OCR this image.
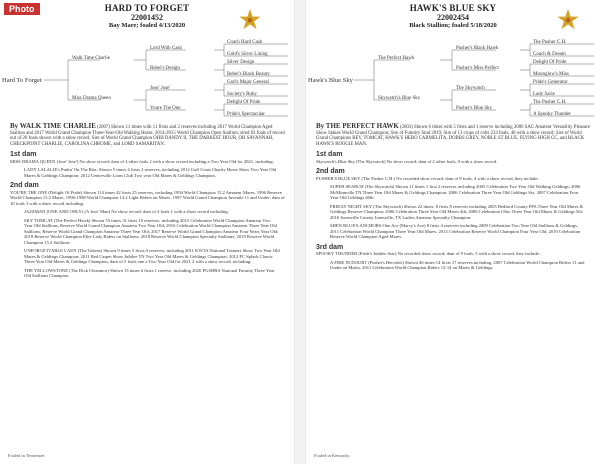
Photo	HARD TO FORGET
22001452
Bay Mare; foaled 4/13/2020
Hard To Forget
Walk Time Charlie
Miss Drama Queen
Lord With Cash
Rebel's Design
Jose' Jose'
Youre The One
Coach Hard Cash
Gold's Silver Lining
Silver Design
Rebel's Black Beauty
God's Major General
Society's Ruby
Delight Of Pride
Pride's Spectacular

By WALK TIME CHARLIE (2007) Shown 11 times with 11 firsts and 2 reserves including 2017 World Champion Aged Stallion and 2017 World Grand Champion Three-Year-Old Walking Horse, 2014-2015 World Champion Open Stallion; sired 83 foals of record out of 26 foals shown with a show record. Sire of World Grand Champion OHH DANDY II, THE DARKEST HOUR, OH SAVANNAH, CHECKPOINT CHARLIE, CAROLINA CHROME, and LORD SAMARITAN.

1st dam

MISS DRAMA QUEEN (Jose' Jose') No show record; dam of 4 other foals 2 with a show record including a Two Year Old for 2021, including:

LADY LALALIE's Puttin' On The Ritz: Shown 5 times 4 firsts 2 reserves, including 2012 Gulf Coast Charity Horse Show Two Year Old Mares & Geldings Champion; 2012 Centerville Lions Club Two year Old Mares & Geldings Champion.

2nd dam

YOU'RE THE ONE (Delight Of Pride) Shown 114 times 42 firsts 25 reserves, including 1994 World Champion 15.2 Amateur Mares, 1996 Reserve World Champion 15.2 Mares, 1996-1998 World Champion 14.2 Light Riders on Mares, 1997 World Grand Champion Juvenile 11 and Under; dam of 10 foals 3 with a show record including:

JAZZMAN (ONE AND ONLY) (A Jose' Man) No show record; dam of 4 foals 1 with a show record including:

SKY TOMCAT (The Perfect Hawk) Shown 53 times 31 firsts 10 reserves, including 2015 Celebration World Champion Amateur Two Year Old Stallions, Reserve World Grand Champion Amateur Two Year Old; 2016 Celebration World Champion Amateur Three Year Old Stallions, Reserve World Grand Champion Amateur Three Year Old; 2017 Reserve World Grand Champion Amateur Four Years Year Old; 2018 Reserve World Champion Elite Lady Riders on Stallions; 2018 Reserve World Champion Specialty Stallions; 2019 Reserve World Champion 15.2 Stallions.

UNFORGETTABLE LADY (The Tokens) Shown 9 times 5 firsts 0 reserves, including 2011 KWTA National Trainers Show Two Year Old Mares & Geldings Champion; 2011 Red Carpet Show Jubilee TN Two Year Old Mares & Geldings Champion; 2012 PC Splash Classic Three Year Old Mares & Geldings Champion; dam of 5 foals one a Two Year Old for 2021 2 with a show record, including:

THE YELLOWSTONE (The Dick Clearance) Shown 13 times 6 firsts 1 reserve, including 2020 PGSHBA National Futurity Three Year Old Stallions Champion.

Foaled in Tennessee.
HAWK'S BLUE SKY
22002454
Black Stallion; foaled 5/18/2020
Hawk's Blue Sky
The Perfect Hawk
Skywatch's Blue Sky
Pusher's Black Hawk
Pusher's Miss Perfect
The Skywatch
Pusher's Blue Sky
The Pusher C.H.
Coach & Dream
Delight Of Pride
Moonglow's Miss
Pride's Generator
Lady Sarie
The Pusher C.H.
A Spooky Thunder

By THE PERFECT HAWK (2003) Shown 6 times with 5 firsts and 1 reserve including 2006 SAC Amateur Versatility Pleasure Show Stakes World Grand Champion; Sire of Futurity Stud 2019; Sire of 13 crops of colts 233 foals, 48 with a show record; Sire of World Grand Champions BEV, TOMCAT, HAWK'S HERO CARMELITA, DOBBS GREY, NOBLE ST BLUE, FLYING HIGH CC, and BLACK HAWK'S BOOGIE MAN.

1st dam

Skywatch's Blue Sky (The Skywatch) No show record; dam of 2 other foals, 0 with a show record.

2nd dam

PUSHER'S BLUE SKY (The Pusher C.H.) No recorded show record; dam of 9 foals, 4 with a show record, they include:

SUPER SEARCH (The Skywatch) Shown 11 times 1 first 2 reserves including 2005 Celebration Two Year Old Walking Geldings; 2006 McMinnville TN Three Year Old Mares & Geldings Champion, 2006 Celebration Three Year Old Geldings Six, 2007 Celebration Four Year Old Geldings 40th.

FRIDAY NIGHT SKY (The Skywatch) Shown 22 times, 8 firsts 8 reserves including 2005 Bedford County PPA Three Year Old Mares & Geldings Reserve Champion; 2006 Celebration Three Year Old Mares 4th; 2006 Celebration Ohio Three Year Old Mares & Geldings 5th; 2016 Jonesville County Jonesville, TX Ladies Amateur Specialty Champion.

SHEN BLUE'S ANCHORS One Ace (Marcy's Ace) 8 firsts 4 reserves including 2009 Celebration Two Year Old Stallions & Geldings, 2011 Celebration World Champion Three Year Old Mares, 2013 Celebration Reserve World Champion Four Year Old, 2019 Celebration Reserve World Champion Aged Mares.

3rd dam

SPOOKY THUNDER (Pride's Jubilee Star) No recorded show record; dam of 9 foals, 5 with a show record, they include:

A FIRE IN DOUBT (Pusher's Hercules) Shown 46 times 14 firsts 17 reserves including, 2007 Celebration World Champion Riders 11 and Under on Mares, 2011 Celebration World Champion Riders 12-14 on Mares & Geldings.

Foaled in Kentucky.
